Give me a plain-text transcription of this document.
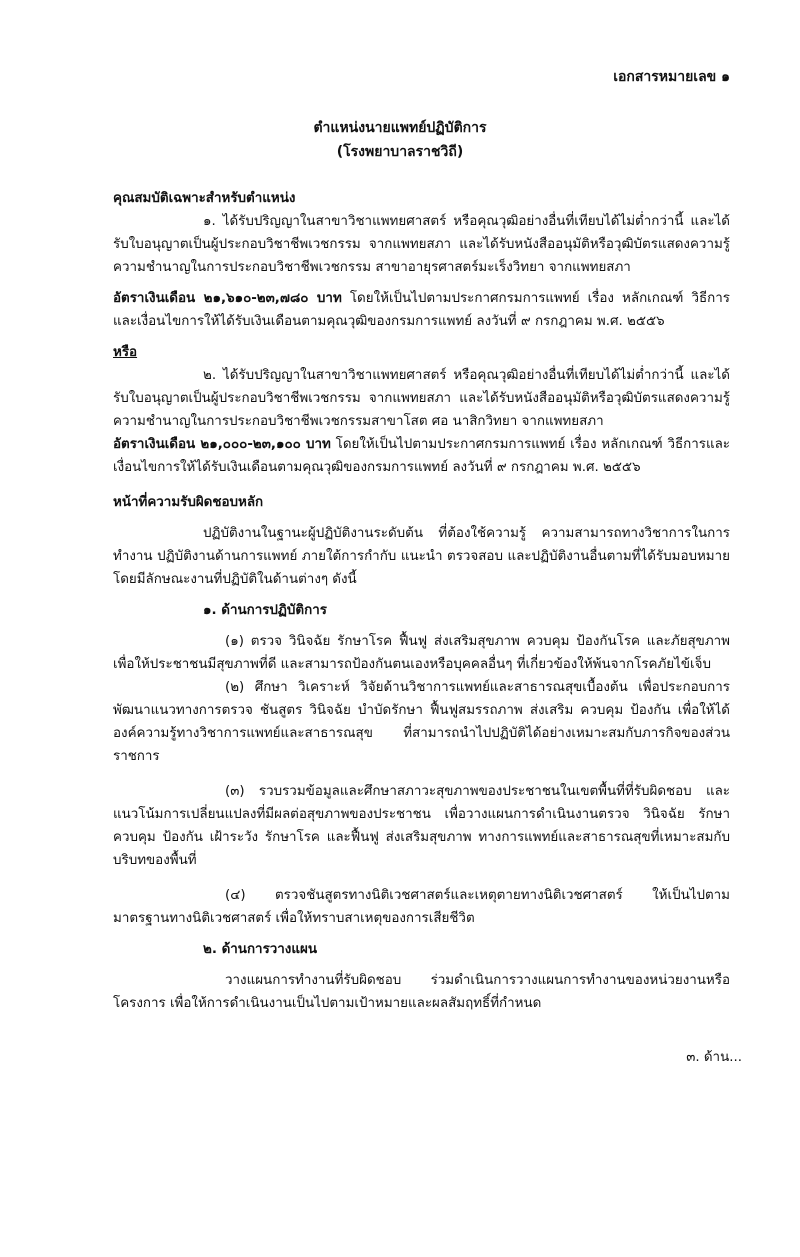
เอกสารหมายเลข ๑
ตำแหน่งนายแพทย์ปฏิบัติการ
(โรงพยาบาลราชวิถี)
คุณสมบัติเฉพาะสำหรับตำแหน่ง

๑. ได้รับปริญญาในสาขาวิชาแพทยศาสตร์ หรือคุณวุฒิอย่างอื่นที่เทียบได้ไม่ต่ำกว่านี้ และได้รับใบอนุญาตเป็นผู้ประกอบวิชาชีพเวชกรรม จากแพทยสภา และได้รับหนังสืออนุมัติหรือวุฒิบัตรแสดงความรู้ความชำนาญในการประกอบวิชาชีพเวชกรรม สาขาอายุรศาสตร์มะเร็งวิทยา จากแพทยสภา

อัตราเงินเดือน ๒๑,๖๑๐-๒๓,๗๘๐ บาท โดยให้เป็นไปตามประกาศกรมการแพทย์ เรื่อง หลักเกณฑ์ วิธีการและเงื่อนไขการให้ได้รับเงินเดือนตามคุณวุฒิของกรมการแพทย์ ลงวันที่ ๙ กรกฎาคม พ.ศ. ๒๕๕๖

หรือ

๒. ได้รับปริญญาในสาขาวิชาแพทยศาสตร์ หรือคุณวุฒิอย่างอื่นที่เทียบได้ไม่ต่ำกว่านี้ และได้รับใบอนุญาตเป็นผู้ประกอบวิชาชีพเวชกรรม จากแพทยสภา และได้รับหนังสืออนุมัติหรือวุฒิบัตรแสดงความรู้ความชำนาญในการประกอบวิชาชีพเวชกรรมสาขาโสต ศอ นาสิกวิทยา จากแพทยสภา

อัตราเงินเดือน ๒๑,๐๐๐-๒๓,๑๐๐ บาท โดยให้เป็นไปตามประกาศกรมการแพทย์ เรื่อง หลักเกณฑ์ วิธีการและเงื่อนไขการให้ได้รับเงินเดือนตามคุณวุฒิของกรมการแพทย์ ลงวันที่ ๙ กรกฎาคม พ.ศ. ๒๕๕๖

หน้าที่ความรับผิดชอบหลัก

ปฏิบัติงานในฐานะผู้ปฏิบัติงานระดับต้น ที่ต้องใช้ความรู้ ความสามารถทางวิชาการในการทำงาน ปฏิบัติงานด้านการแพทย์ ภายใต้การกำกับ แนะนำ ตรวจสอบ และปฏิบัติงานอื่นตามที่ได้รับมอบหมาย โดยมีลักษณะงานที่ปฏิบัติในด้านต่างๆ ดังนี้

๑. ด้านการปฏิบัติการ

(๑) ตรวจ วินิจฉัย รักษาโรค ฟื้นฟู ส่งเสริมสุขภาพ ควบคุม ป้องกันโรค และภัยสุขภาพเพื่อให้ประชาชนมีสุขภาพที่ดี และสามารถป้องกันตนเองหรือบุคคลอื่นๆ ที่เกี่ยวข้องให้พ้นจากโรคภัยไข้เจ็บ

(๒) ศึกษา วิเคราะห์ วิจัยด้านวิชาการแพทย์และสาธารณสุขเบื้องต้น เพื่อประกอบการพัฒนาแนวทางการตรวจ ชันสูตร วินิจฉัย บำบัดรักษา ฟื้นฟูสมรรถภาพ ส่งเสริม ควบคุม ป้องกัน เพื่อให้ได้องค์ความรู้ทางวิชาการแพทย์และสาธารณสุข ที่สามารถนำไปปฏิบัติได้อย่างเหมาะสมกับภารกิจของส่วนราชการ

(๓) รวบรวมข้อมูลและศึกษาสภาวะสุขภาพของประชาชนในเขตพื้นที่ที่รับผิดชอบ และแนวโน้มการเปลี่ยนแปลงที่มีผลต่อสุขภาพของประชาชน เพื่อวางแผนการดำเนินงานตรวจ วินิจฉัย รักษา ควบคุม ป้องกัน เฝ้าระวัง รักษาโรค และฟื้นฟู ส่งเสริมสุขภาพ ทางการแพทย์และสาธารณสุขที่เหมาะสมกับบริบทของพื้นที่

(๔) ตรวจชันสูตรทางนิติเวชศาสตร์และเหตุตายทางนิติเวชศาสตร์ ให้เป็นไปตามมาตรฐานทางนิติเวชศาสตร์ เพื่อให้ทราบสาเหตุของการเสียชีวิต

๒. ด้านการวางแผน

วางแผนการทำงานที่รับผิดชอบ ร่วมดำเนินการวางแผนการทำงานของหน่วยงานหรือโครงการ เพื่อให้การดำเนินงานเป็นไปตามเป้าหมายและผลสัมฤทธิ์ที่กำหนด

๓. ด้าน...
